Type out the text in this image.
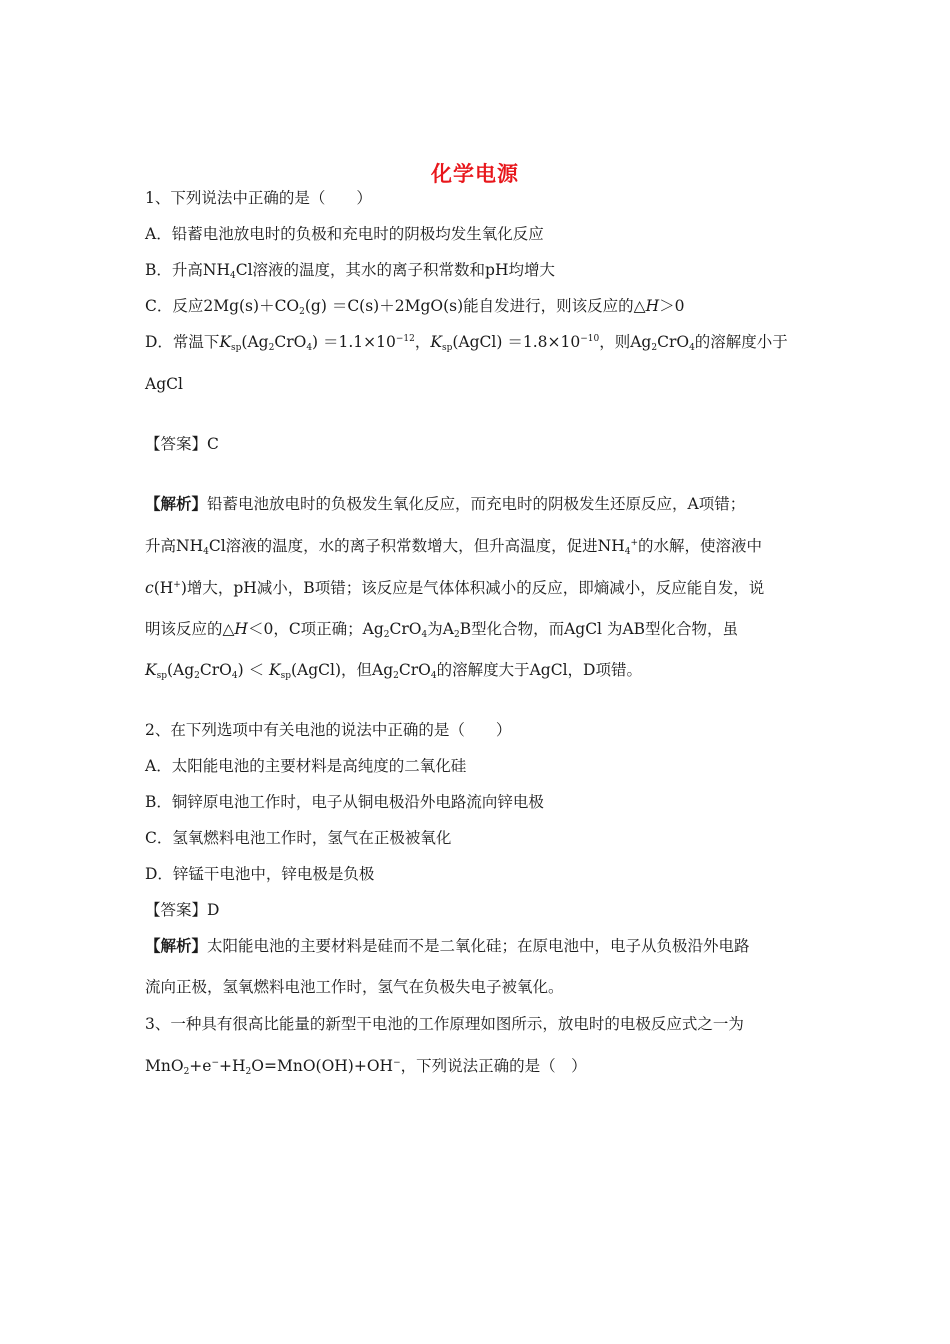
化学电源
1、下列说法中正确的是（　　）
A．铅蓄电池放电时的负极和充电时的阴极均发生氧化反应
B．升高$NH_4Cl$溶液的温度，其水的离子积常数和pH均增大
C．反应$2Mg(s)+CO_2(g) =C(s)+2MgO(s)$能自发进行，则该反应的△H＞0
D．常温下$K_{sp}(Ag_2CrO_4) =1.1\times 10^{-12}$，$K_{sp}(AgCl) =1.8\times 10^{-10}$，则$Ag_2CrO_4$的溶解度小于
AgCl
【答案】C
【解析】铅蓄电池放电时的负极发生氧化反应，而充电时的阴极发生还原反应，A项错；
升高$NH_4Cl$溶液的温度，水的离子积常数增大，但升高温度，促进$NH_4^+$的水解，使溶液中
c(H+)增大，pH减小，B项错；该反应是气体体积减小的反应，即熵减小，反应能自发，说
明该反应的△H＜0，C项正确；$Ag_2CrO_4$为$A_2B$型化合物，而AgCl 为AB型化合物，虽
$K_{sp}(Ag_2CrO_4)$ ＜ $K_{sp}(AgCl)$，但$Ag_2CrO_4$的溶解度大于AgCl，D项错。
2、在下列选项中有关电池的说法中正确的是（　　）
A．太阳能电池的主要材料是高纯度的二氧化硅
B．铜锌原电池工作时，电子从铜电极沿外电路流向锌电极
C．氢氧燃料电池工作时，氢气在正极被氧化
D．锌锰干电池中，锌电极是负极
【答案】D
【解析】太阳能电池的主要材料是硅而不是二氧化硅；在原电池中，电子从负极沿外电路
流向正极，氢氧燃料电池工作时，氢气在负极失电子被氧化。
3、一种具有很高比能量的新型干电池的工作原理如图所示，放电时的电极反应式之一为
$MnO_2+e^-+H_2O=MnO(OH)+OH^-$，下列说法正确的是（　）
